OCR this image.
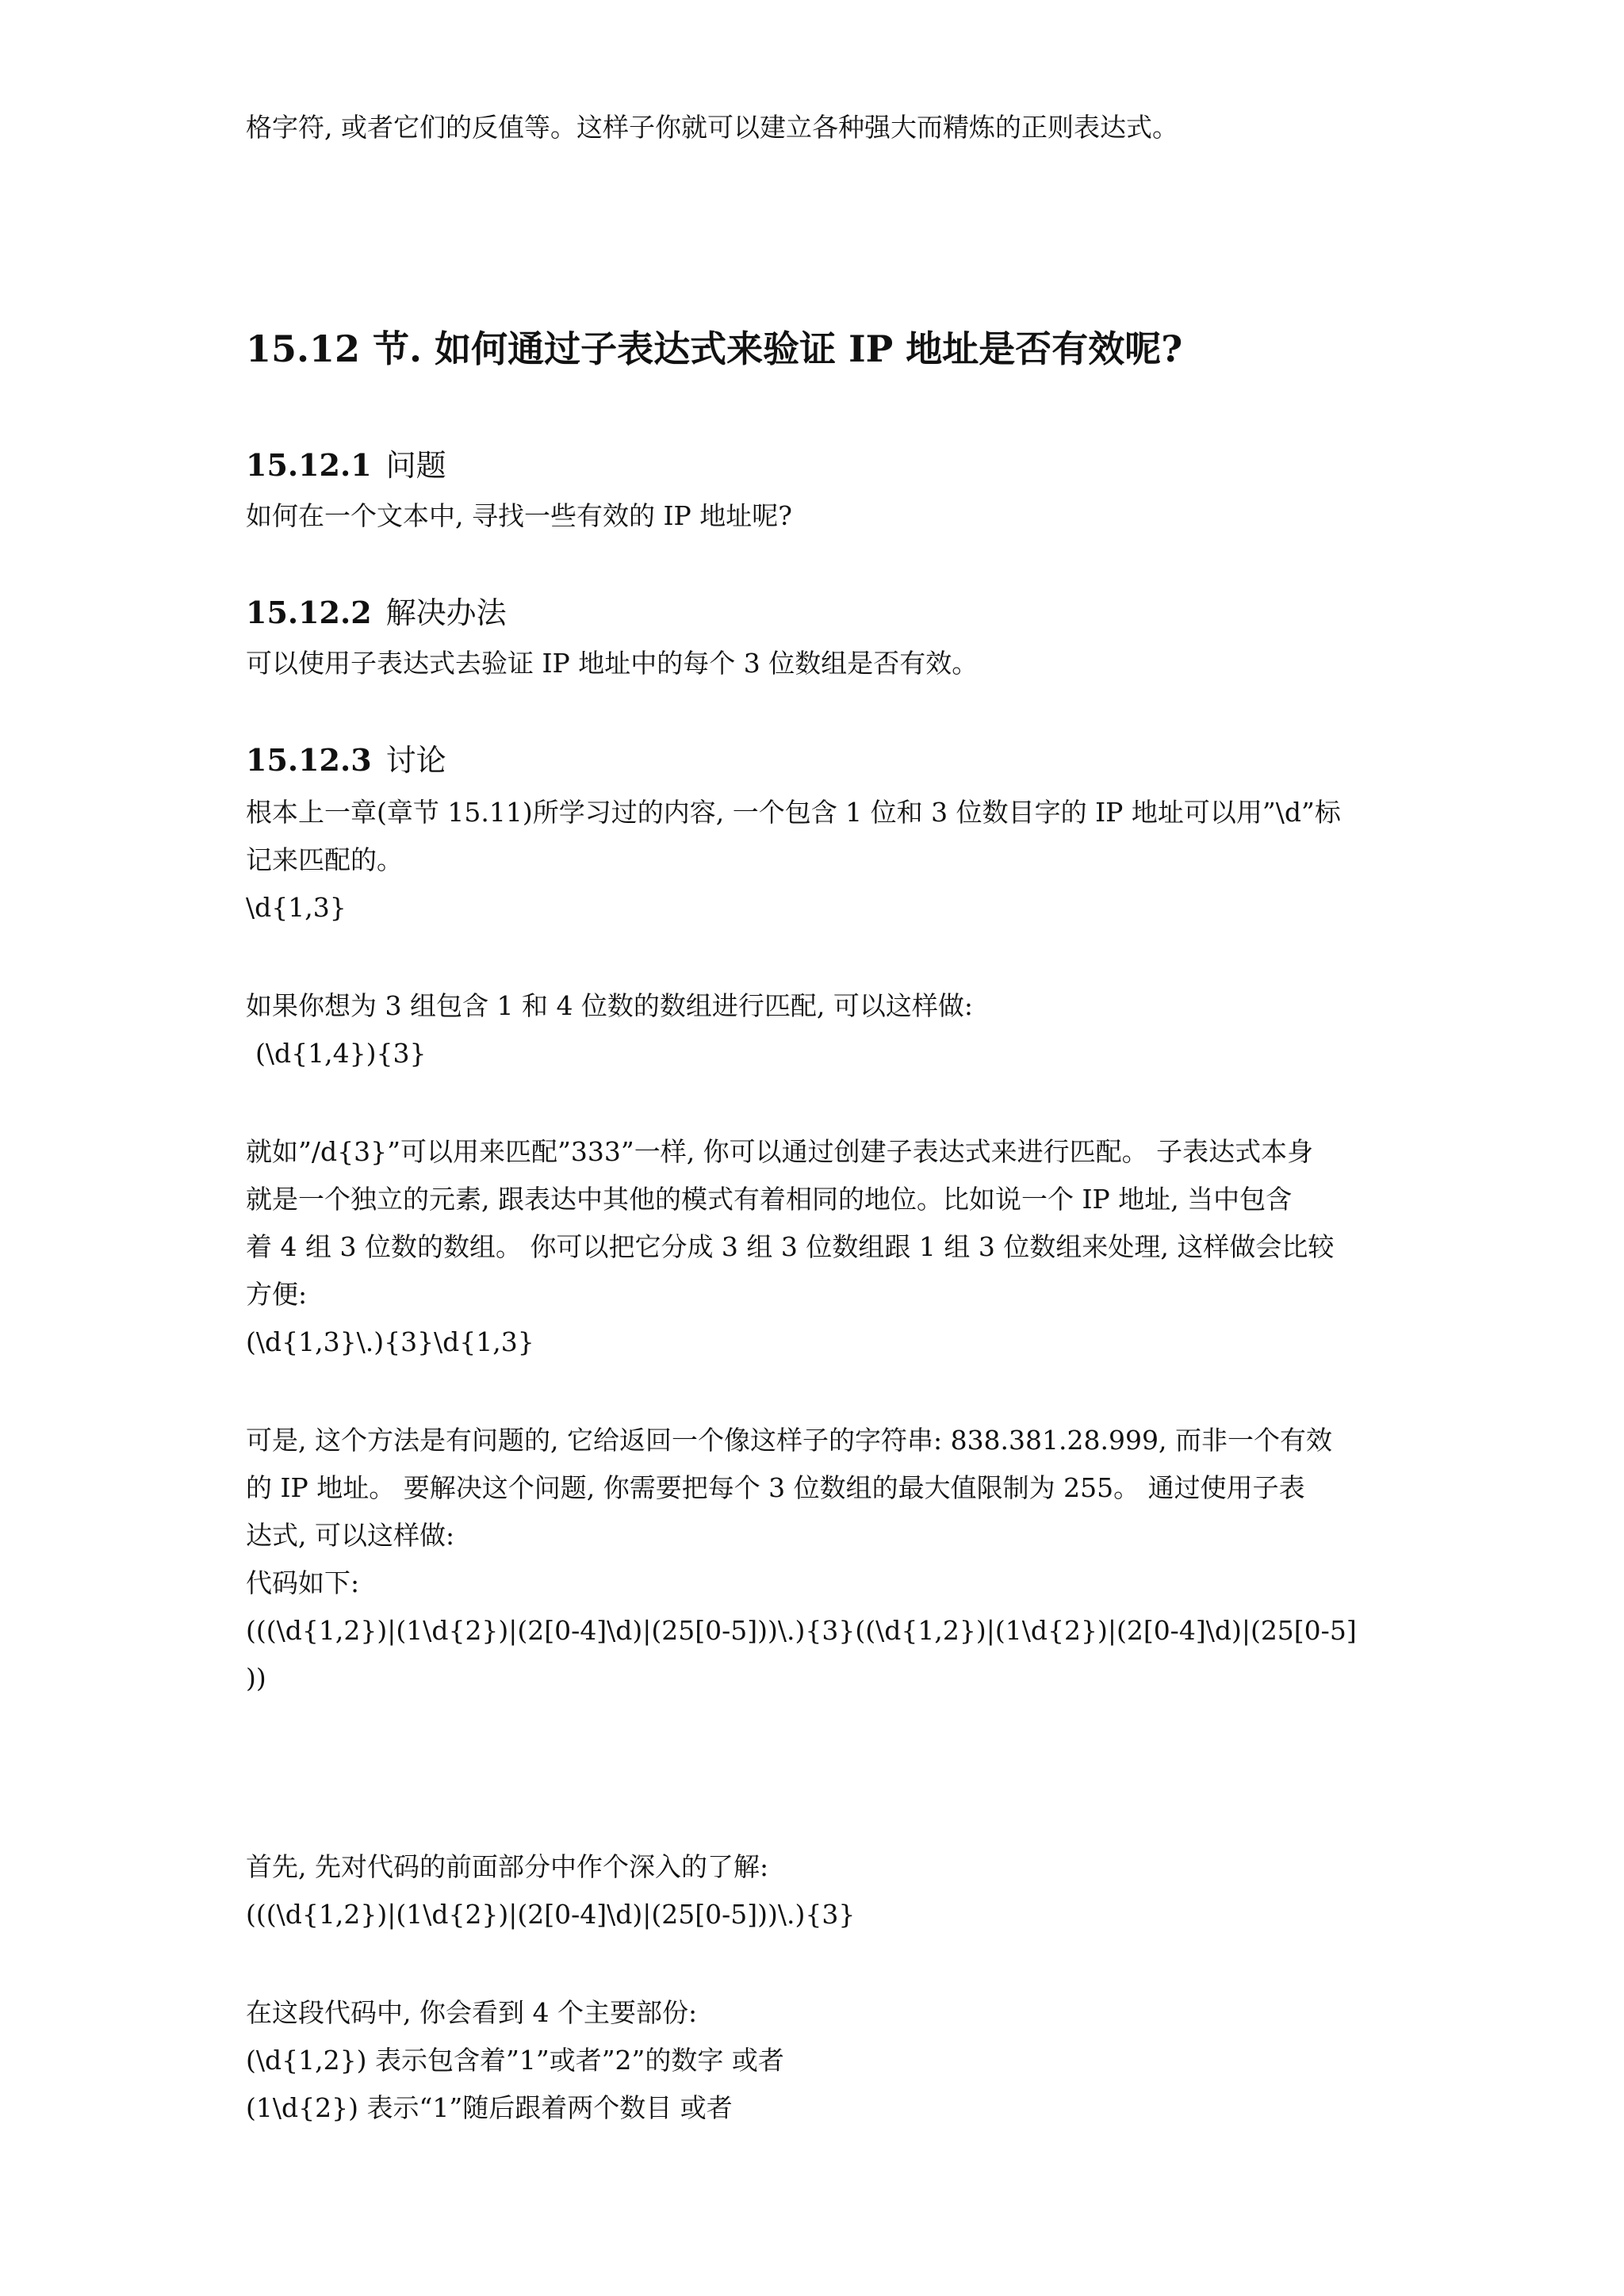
格字符, 或者它们的反值等。这样子你就可以建立各种强大而精炼的正则表达式。
15.12 节. 如何通过子表达式来验证 IP 地址是否有效呢?
15.12.1 问题
如何在一个文本中, 寻找一些有效的 IP 地址呢?
15.12.2 解决办法
可以使用子表达式去验证 IP 地址中的每个 3 位数组是否有效。
15.12.3 讨论
根本上一章(章节 15.11)所学习过的内容, 一个包含 1 位和 3 位数目字的 IP 地址可以用”\d”标
记来匹配的。
\d{1,3}
如果你想为 3 组包含 1 和 4 位数的数组进行匹配, 可以这样做:
(\d{1,4}){3}
就如”/d{3}”可以用来匹配”333”一样, 你可以通过创建子表达式来进行匹配。 子表达式本身
就是一个独立的元素, 跟表达中其他的模式有着相同的地位。比如说一个 IP 地址, 当中包含
着 4 组 3 位数的数组。 你可以把它分成 3 组 3 位数组跟 1 组 3 位数组来处理, 这样做会比较
方便:
(\d{1,3}\.){3}\d{1,3}
可是, 这个方法是有问题的, 它给返回一个像这样子的字符串: 838.381.28.999, 而非一个有效
的 IP 地址。 要解决这个问题, 你需要把每个 3 位数组的最大值限制为 255。 通过使用子表
达式, 可以这样做:
代码如下:
(((\d{1,2})|(1\d{2})|(2[0-4]\d)|(25[0-5]))\.){3}((\d{1,2})|(1\d{2})|(2[0-4]\d)|(25[0-5]
))
首先, 先对代码的前面部分中作个深入的了解:
(((\d{1,2})|(1\d{2})|(2[0-4]\d)|(25[0-5]))\.){3}
在这段代码中, 你会看到 4 个主要部份:
(\d{1,2}) 表示包含着”1”或者”2”的数字 或者
(1\d{2}) 表示“1”随后跟着两个数目 或者
